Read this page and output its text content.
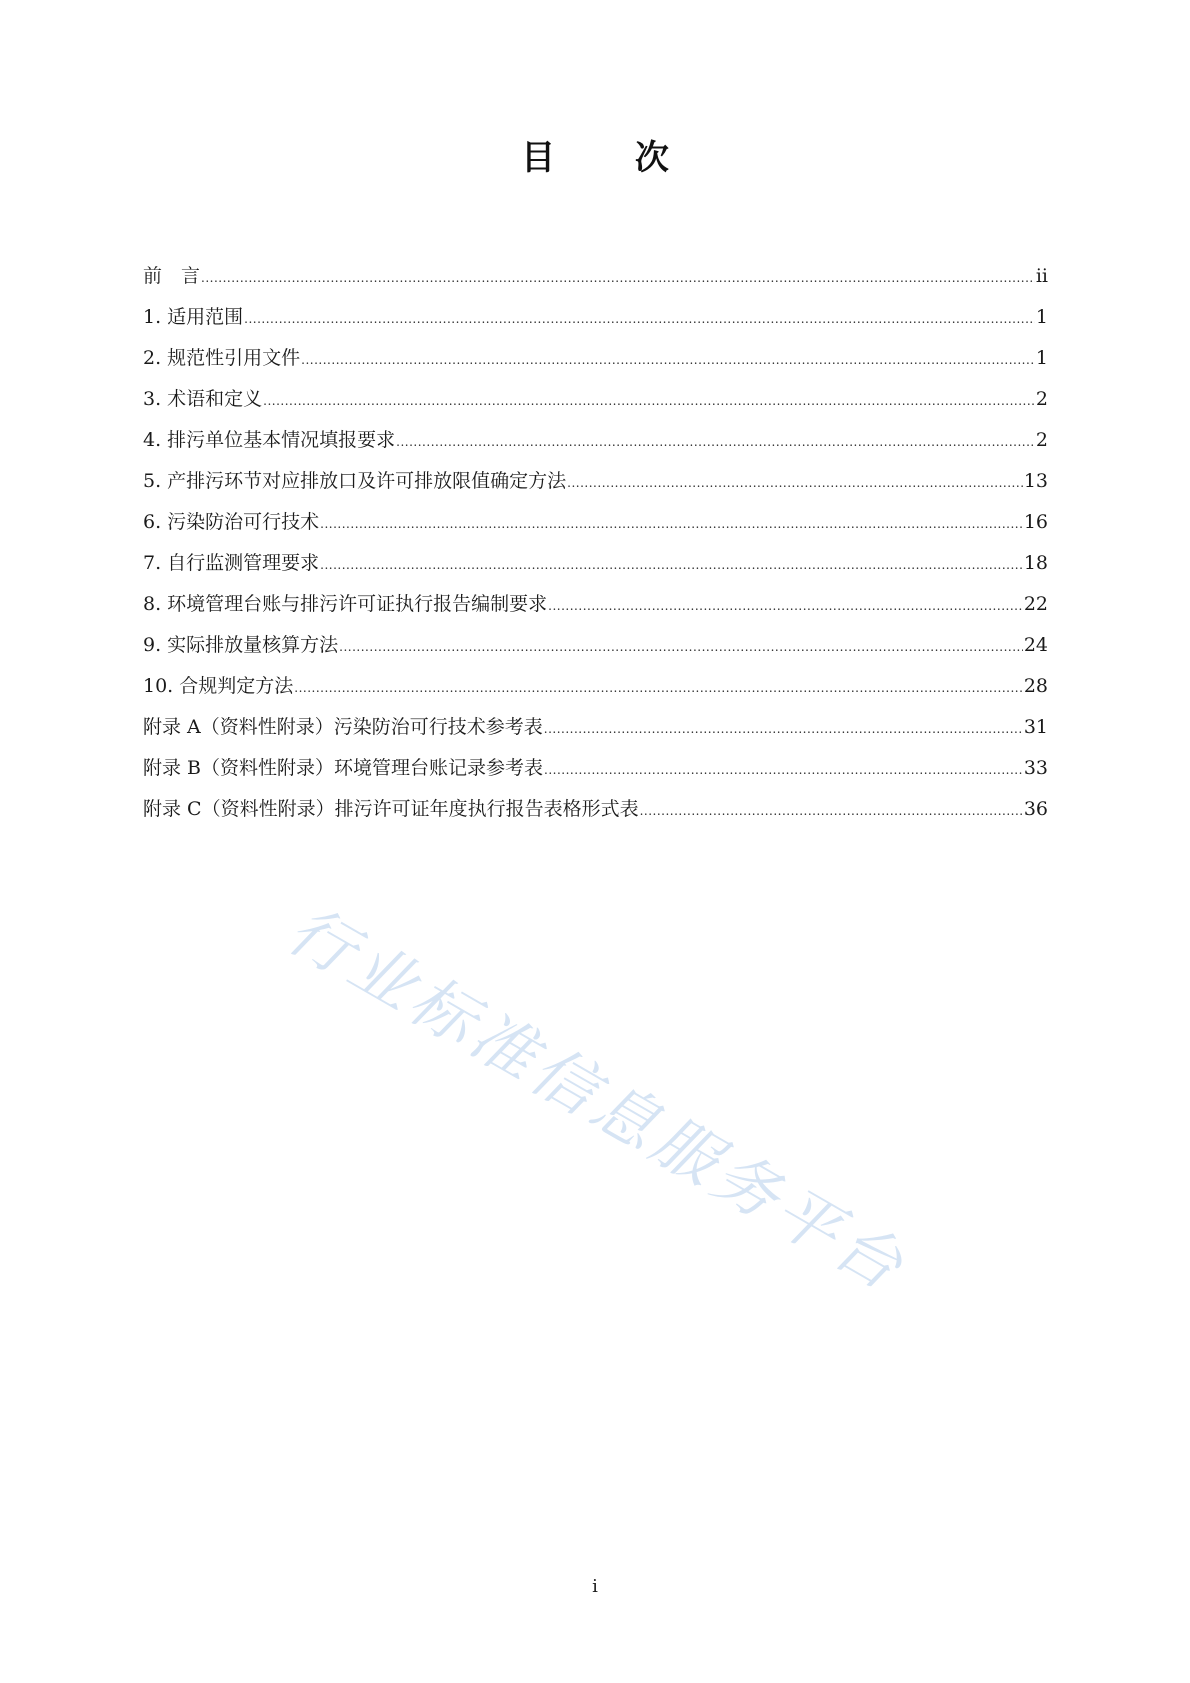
目 次
前　言 .....	ii
1. 适用范围 .....	1
2. 规范性引用文件 .....	1
3. 术语和定义 .....	2
4. 排污单位基本情况填报要求 .....	2
5. 产排污环节对应排放口及许可排放限值确定方法 .....	13
6. 污染防治可行技术 .....	16
7. 自行监测管理要求 .....	18
8. 环境管理台账与排污许可证执行报告编制要求 .....	22
9. 实际排放量核算方法 .....	24
10. 合规判定方法 .....	28
附录 A（资料性附录）污染防治可行技术参考表 .....	31
附录 B（资料性附录）环境管理台账记录参考表 .....	33
附录 C（资料性附录）排污许可证年度执行报告表格形式表 .....	36
行业标准信息服务平台
i
